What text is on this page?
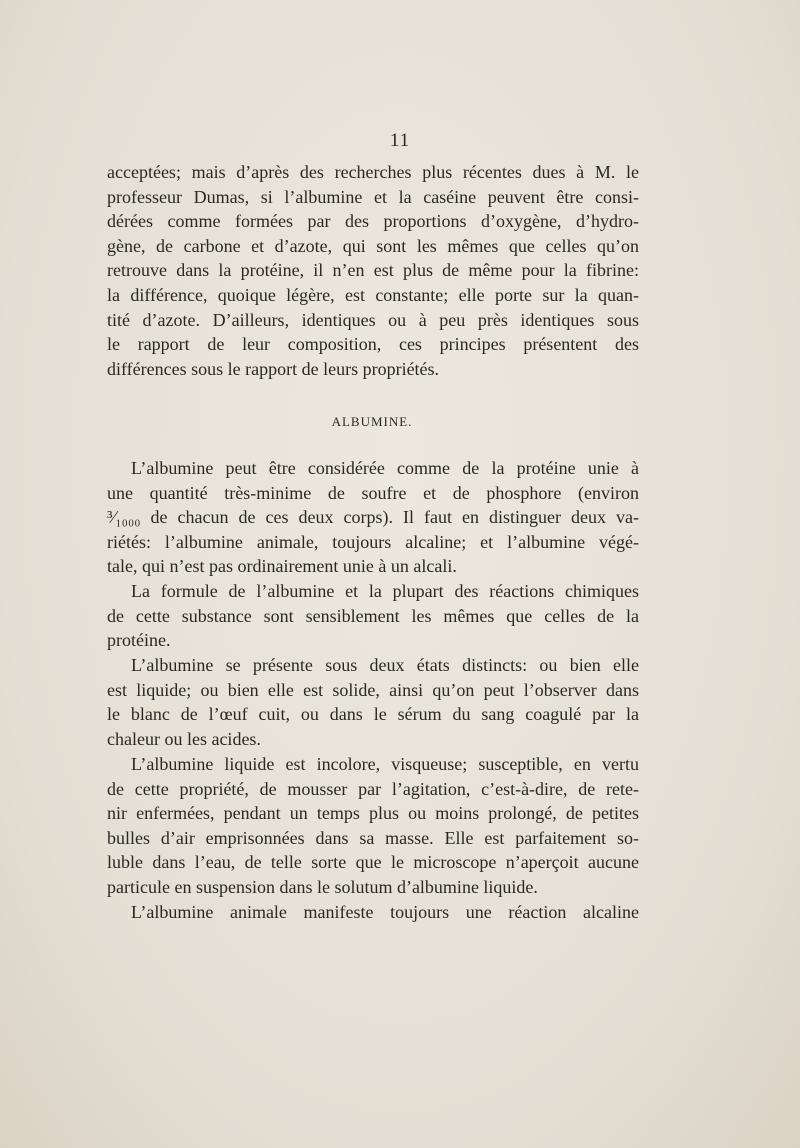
11
acceptées; mais d’après des recherches plus récentes dues à M. le
professeur Dumas, si l’albumine et la caséine peuvent être consi-
dérées comme formées par des proportions d’oxygène, d’hydro-
gène, de carbone et d’azote, qui sont les mêmes que celles qu’on
retrouve dans la protéine, il n’en est plus de même pour la fibrine:
la différence, quoique légère, est constante; elle porte sur la quan-
tité d’azote. D’ailleurs, identiques ou à peu près identiques sous
le rapport de leur composition, ces principes présentent des
différences sous le rapport de leurs propriétés.
ALBUMINE.
L’albumine peut être considérée comme de la protéine unie à
une quantité très-minime de soufre et de phosphore (environ
³⁄₁₀₀₀ de chacun de ces deux corps). Il faut en distinguer deux va-
riétés: l’albumine animale, toujours alcaline; et l’albumine végé-
tale, qui n’est pas ordinairement unie à un alcali.
La formule de l’albumine et la plupart des réactions chimiques
de cette substance sont sensiblement les mêmes que celles de la
protéine.
L’albumine se présente sous deux états distincts: ou bien elle
est liquide; ou bien elle est solide, ainsi qu’on peut l’observer dans
le blanc de l’œuf cuit, ou dans le sérum du sang coagulé par la
chaleur ou les acides.
L’albumine liquide est incolore, visqueuse; susceptible, en vertu
de cette propriété, de mousser par l’agitation, c’est-à-dire, de rete-
nir enfermées, pendant un temps plus ou moins prolongé, de petites
bulles d’air emprisonnées dans sa masse. Elle est parfaitement so-
luble dans l’eau, de telle sorte que le microscope n’aperçoit aucune
particule en suspension dans le solutum d’albumine liquide.
L’albumine animale manifeste toujours une réaction alcaline
